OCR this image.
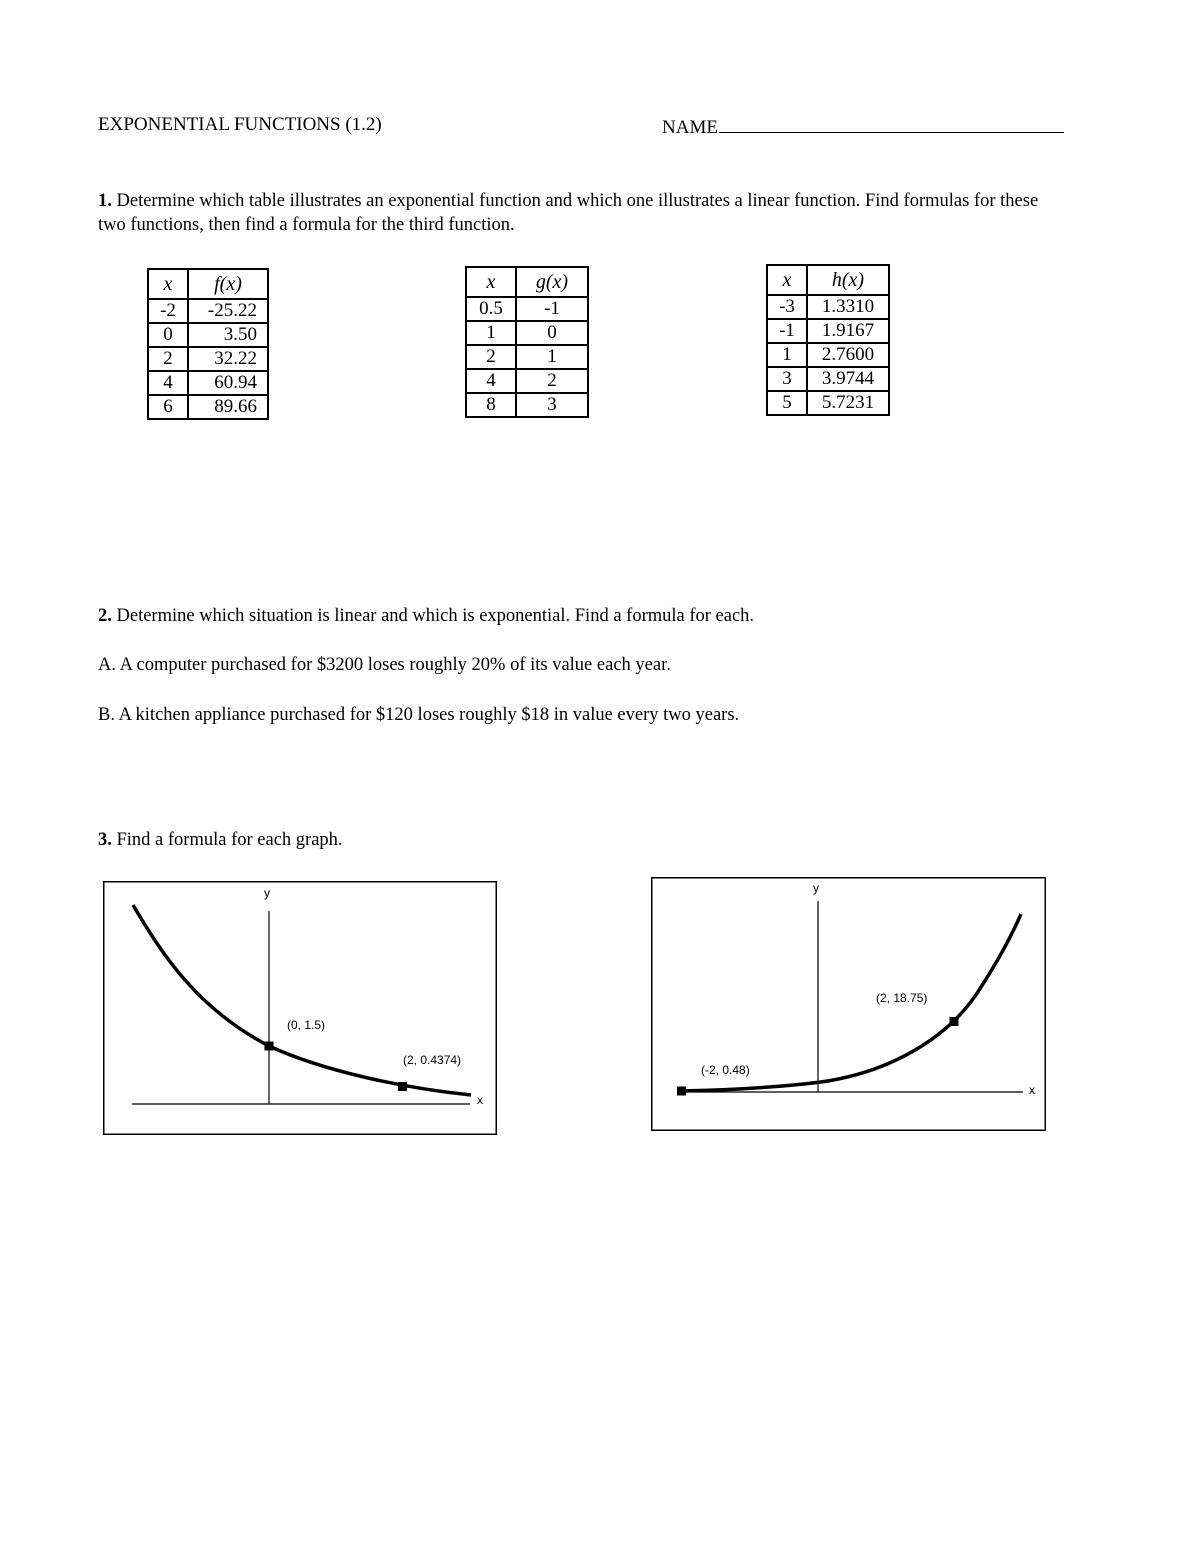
EXPONENTIAL FUNCTIONS (1.2)	NAME
1. Determine which table illustrates an exponential function and which one illustrates a linear function. Find formulas for these two functions, then find a formula for the third function.
x	f(x)
-2	-25.22
0	3.50
2	32.22
4	60.94
6	89.66
x	g(x)
0.5	-1
1	0
2	1
4	2
8	3
x	h(x)
-3	1.3310
-1	1.9167
1	2.7600
3	3.9744
5	5.7231
2. Determine which situation is linear and which is exponential. Find a formula for each.
A. A computer purchased for $3200 loses roughly 20% of its value each year.
B. A kitchen appliance purchased for $120 loses roughly $18 in value every two years.
3. Find a formula for each graph.
y
x
(0, 1.5)
(2, 0.4374)
y
x
(-2, 0.48)
(2, 18.75)
